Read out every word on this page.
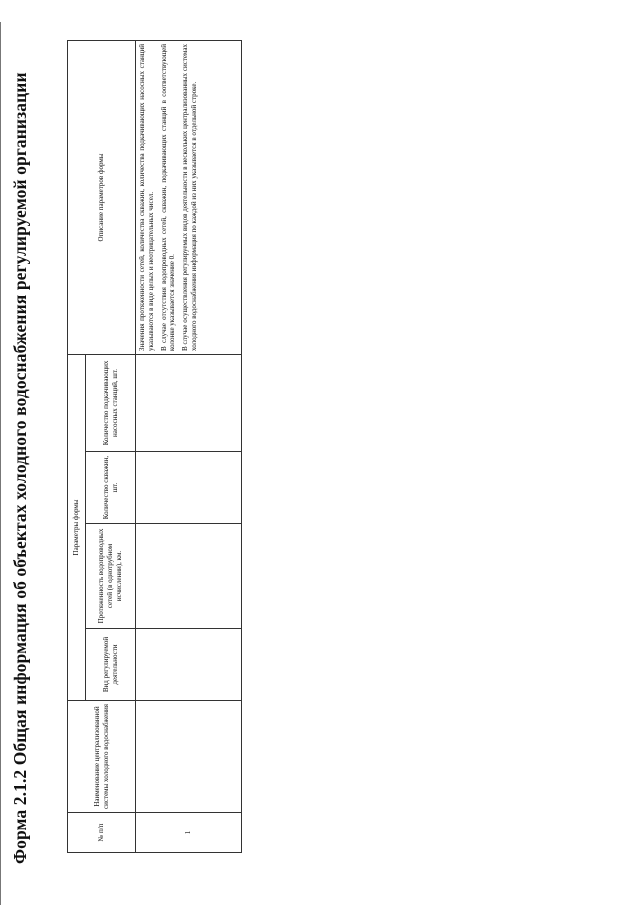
Форма 2.1.2 Общая информация об объектах холодного водоснабжения регулируемой организации	№ п/п	Наименование централизованной системы холодного водоснабжения	Параметры формы				Описание параметров формы
		Вид регулируемой деятельности	Протяженность водопроводных сетей (в однотрубном исчислении), км.	Количество скважин, шт.	Количество подкачивающих насосных станций, шт.	
1						Значения протяженности сетей, количества скважин, количества подкачивающих насосных станций указываются в виде целых и неотрицательных чисел. В случае отсутствия водопроводных сетей, скважин, подкачивающих станций в соответствующей колонке указывается значение 0. В случае осуществления регулируемых видов деятельности в нескольких централизованных системах холодного водоснабжения информация по каждой из них указывается в отдельной строке.
